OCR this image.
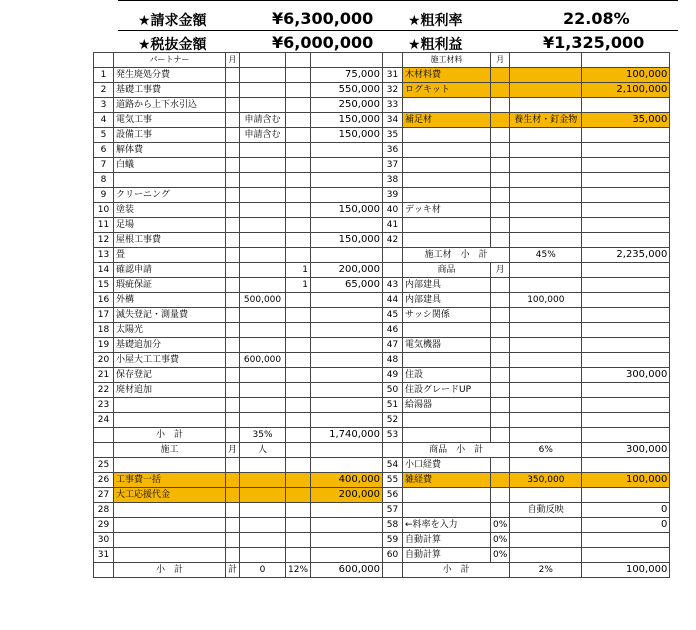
★請求金額	¥6,300,000 ★粗利率	22.08%
★税抜金額	¥6,000,000 ★粗利益	¥1,325,000
	パートナー	月					施工材料	月		
1	発生廃処分費				75,000	31	木材料費			100,000
2	基礎工事費				550,000	32	ログキット			2,100,000
3	道路から上下水引込				250,000	33				
4	電気工事		申請含む		150,000	34	補足材		養生材・釘金物	35,000
5	設備工事		申請含む		150,000	35				
6	解体費					36				
7	白蟻					37				
8						38				
9	クリーニング					39				
10	塗装				150,000	40	デッキ材			
11	足場					41				
12	屋根工事費				150,000	42				
13	畳						施工材　小　計		45%	2,235,000
14	確認申請			1	200,000		商品	月		
15	瑕疵保証			1	65,000	43	内部建具			
16	外構		500,000			44	内部建具		100,000	
17	滅失登記・測量費					45	サッシ関係			
18	太陽光					46				
19	基礎追加分					47	電気機器			
20	小屋大工工事費		600,000			48				
21	保存登記					49	住設			300,000
22	廃材追加					50	住設グレードUP			
23						51	給湯器			
24						52				
	小　計		35%		1,740,000	53				
	施工	月	人				商品　小　計		6%	300,000
25						54	小口経費			
26	工事費一括				400,000	55	雑経費		350,000	100,000
27	大工応援代金				200,000	56				
28						57			自動反映	0
29						58	←料率を入力	0%		0
30						59	自動計算	0%		
31						60	自動計算	0%		
	小　計	計	0	12%	600,000		小　計		2%	100,000
